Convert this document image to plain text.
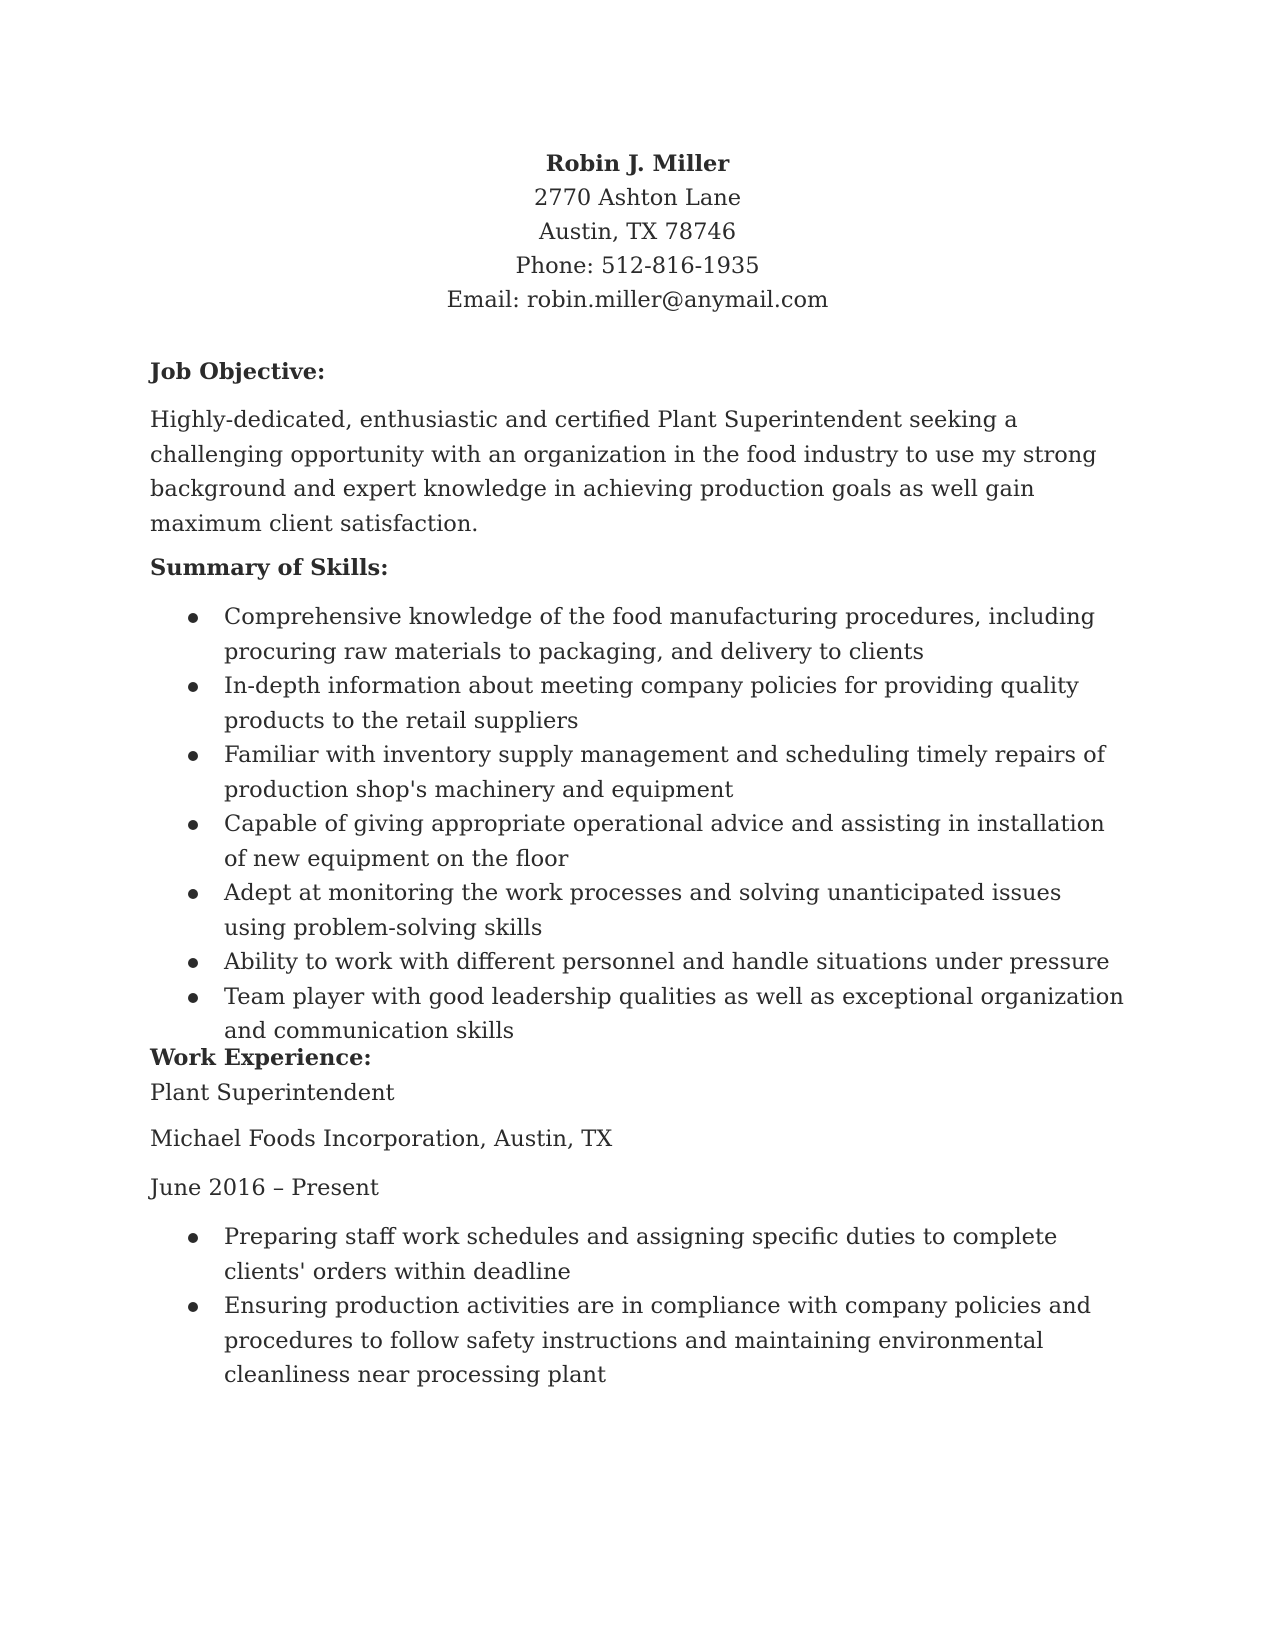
Robin J. Miller
2770 Ashton Lane
Austin, TX 78746
Phone: 512-816-1935
Email: robin.miller@anymail.com
Job Objective:
Highly-dedicated, enthusiastic and certified Plant Superintendent seeking a challenging opportunity with an organization in the food industry to use my strong background and expert knowledge in achieving production goals as well gain maximum client satisfaction.
Summary of Skills:
Comprehensive knowledge of the food manufacturing procedures, including procuring raw materials to packaging, and delivery to clients
In-depth information about meeting company policies for providing quality products to the retail suppliers
Familiar with inventory supply management and scheduling timely repairs of production shop's machinery and equipment
Capable of giving appropriate operational advice and assisting in installation of new equipment on the floor
Adept at monitoring the work processes and solving unanticipated issues using problem-solving skills
Ability to work with different personnel and handle situations under pressure
Team player with good leadership qualities as well as exceptional organization and communication skills
Work Experience:
Plant Superintendent
Michael Foods Incorporation, Austin, TX
June 2016 – Present
Preparing staff work schedules and assigning specific duties to complete clients' orders within deadline
Ensuring production activities are in compliance with company policies and procedures to follow safety instructions and maintaining environmental cleanliness near processing plant
